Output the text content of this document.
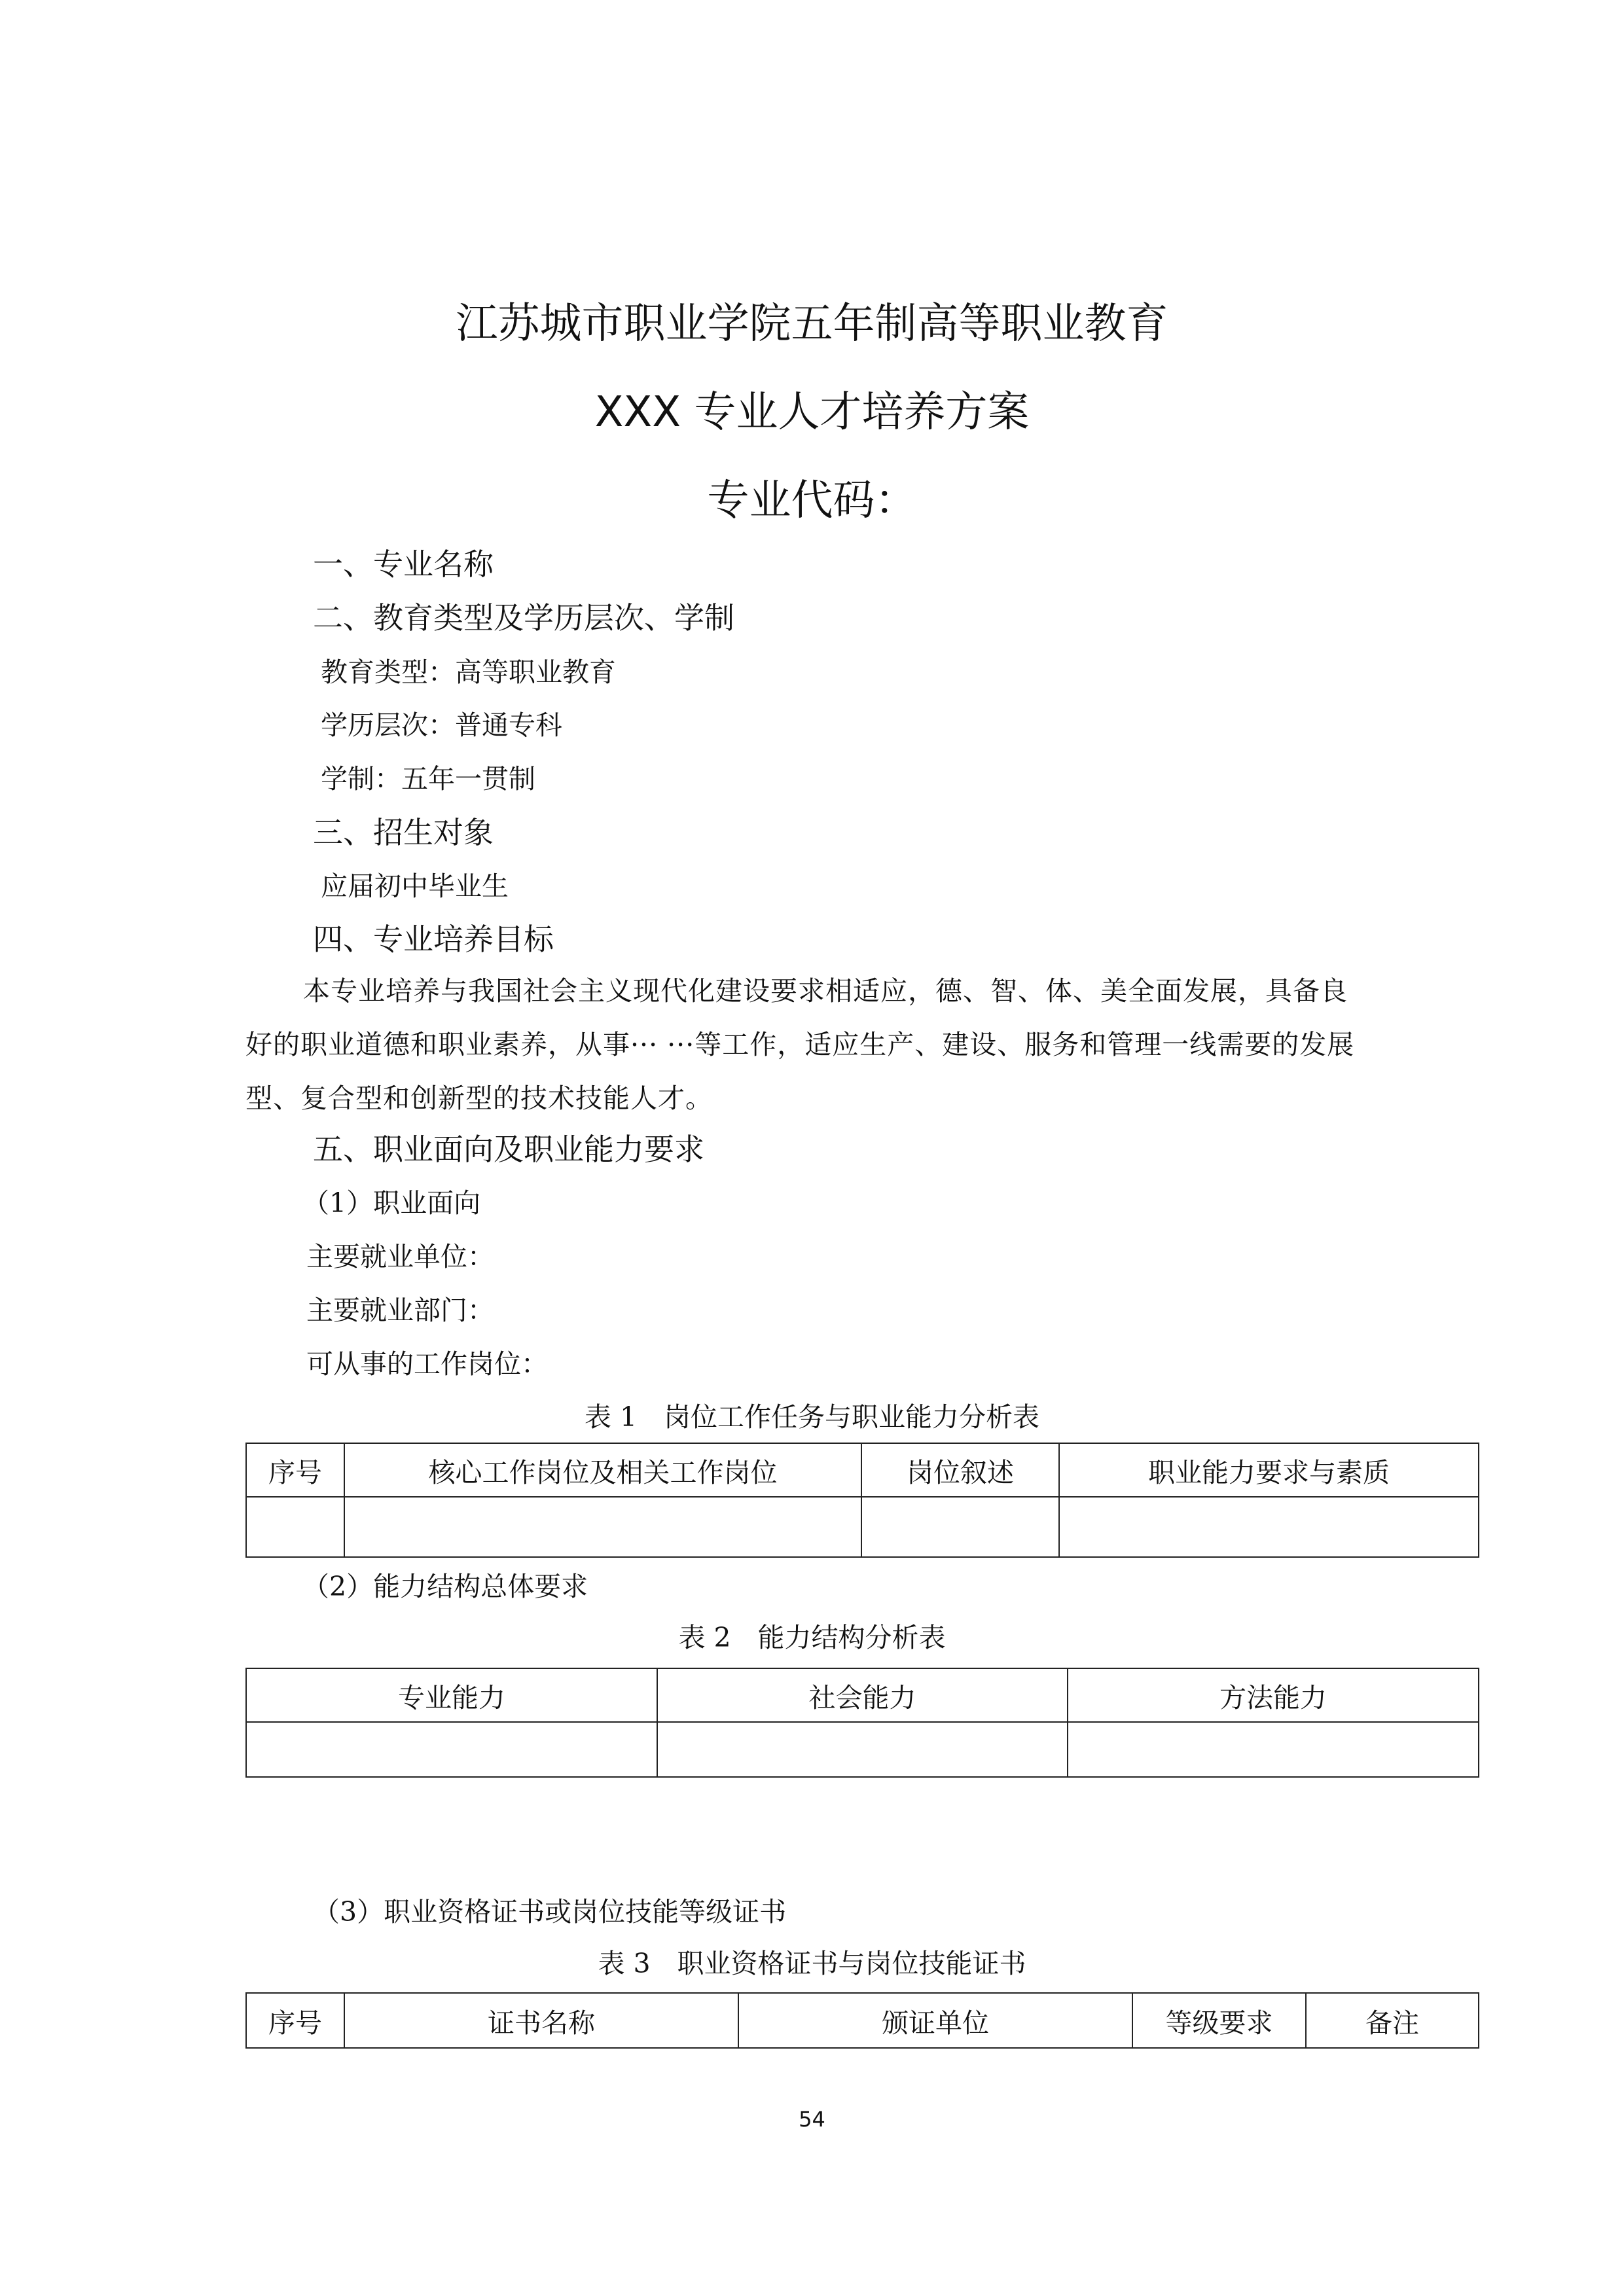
江苏城市职业学院五年制高等职业教育
XXX 专业人才培养方案
专业代码：
一、专业名称
二、教育类型及学历层次、学制

教育类型：高等职业教育

学历层次：普通专科

学制：五年一贯制

三、招生对象

应届初中毕业生

四、专业培养目标

本专业培养与我国社会主义现代化建设要求相适应，德、智、体、美全面发展，具备良好的职业道德和职业素养，从事··· ···等工作，适应生产、建设、服务和管理一线需要的发展型、复合型和创新型的技术技能人才。

五、职业面向及职业能力要求

（1）职业面向

主要就业单位：

主要就业部门：

可从事的工作岗位：

表 1　岗位工作任务与职业能力分析表

序号	核心工作岗位及相关工作岗位	岗位叙述	职业能力要求与素质

（2）能力结构总体要求

表 2　能力结构分析表

专业能力	社会能力	方法能力

（3）职业资格证书或岗位技能等级证书

表 3　职业资格证书与岗位技能证书

序号	证书名称	颁证单位	等级要求	备注
54
